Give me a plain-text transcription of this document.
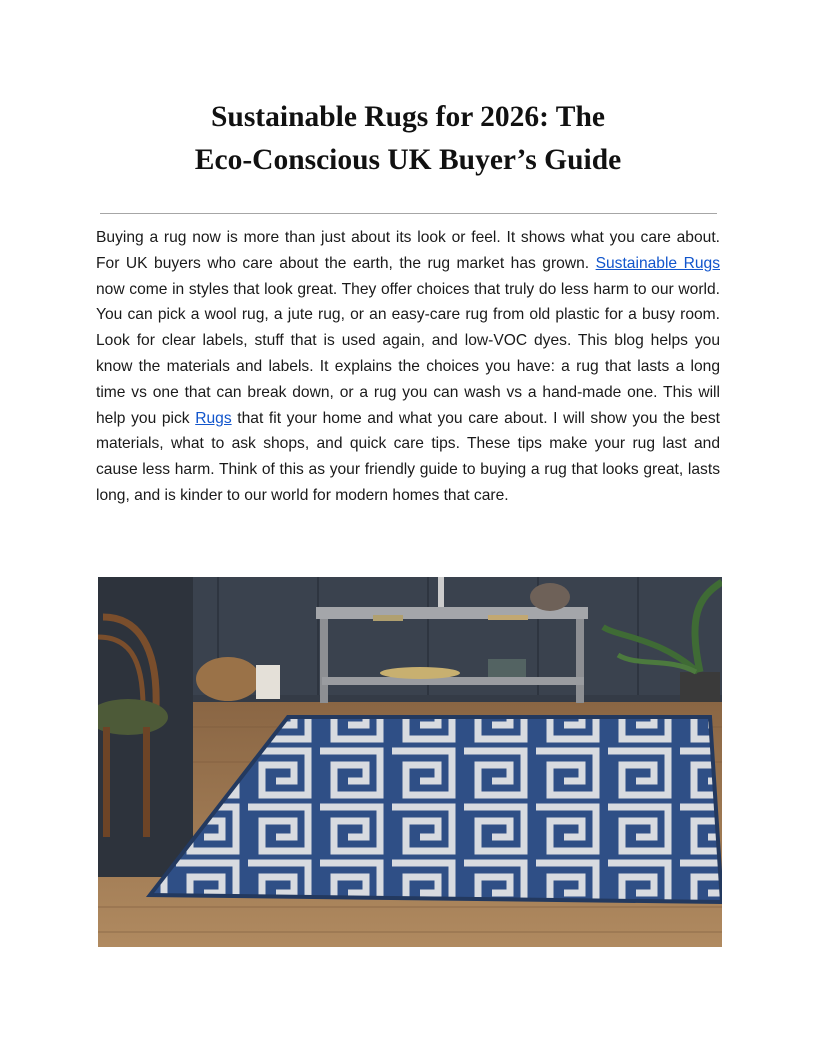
Sustainable Rugs for 2026: The
Eco-Conscious UK Buyer’s Guide

Buying a rug now is more than just about its look or feel. It shows what you care about. For UK buyers who care about the earth, the rug market has grown. Sustainable Rugs now come in styles that look great. They offer choices that truly do less harm to our world. You can pick a wool rug, a jute rug, or an easy-care rug from old plastic for a busy room. Look for clear labels, stuff that is used again, and low-VOC dyes. This blog helps you know the materials and labels. It explains the choices you have: a rug that lasts a long time vs one that can break down, or a rug you can wash vs a hand-made one. This will help you pick Rugs that fit your home and what you care about. I will show you the best materials, what to ask shops, and quick care tips. These tips make your rug last and cause less harm. Think of this as your friendly guide to buying a rug that looks great, lasts long, and is kinder to our world for modern homes that care.
